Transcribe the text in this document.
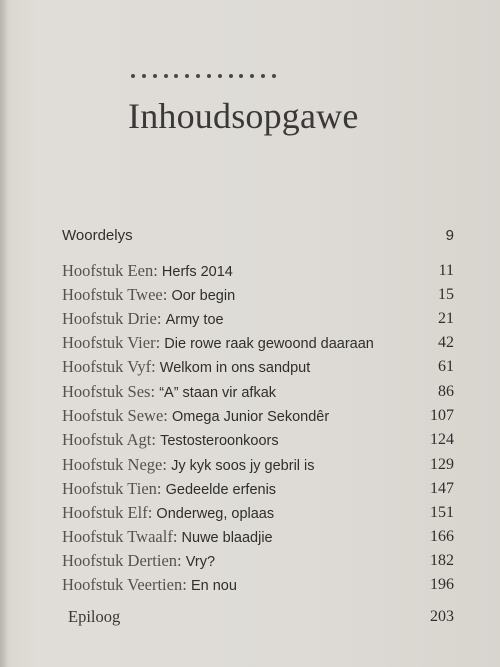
Inhoudsopgawe
Woordelys	9
Hoofstuk Een: Herfs 2014	11
Hoofstuk Twee: Oor begin	15
Hoofstuk Drie: Army toe	21
Hoofstuk Vier: Die rowe raak gewoond daaraan	42
Hoofstuk Vyf: Welkom in ons sandput	61
Hoofstuk Ses: “A” staan vir afkak	86
Hoofstuk Sewe: Omega Junior Sekondêr	107
Hoofstuk Agt: Testosteroonkoors	124
Hoofstuk Nege: Jy kyk soos jy gebril is	129
Hoofstuk Tien: Gedeelde erfenis	147
Hoofstuk Elf: Onderweg, oplaas	151
Hoofstuk Twaalf: Nuwe blaadjie	166
Hoofstuk Dertien: Vry?	182
Hoofstuk Veertien: En nou	196
Epiloog	203
